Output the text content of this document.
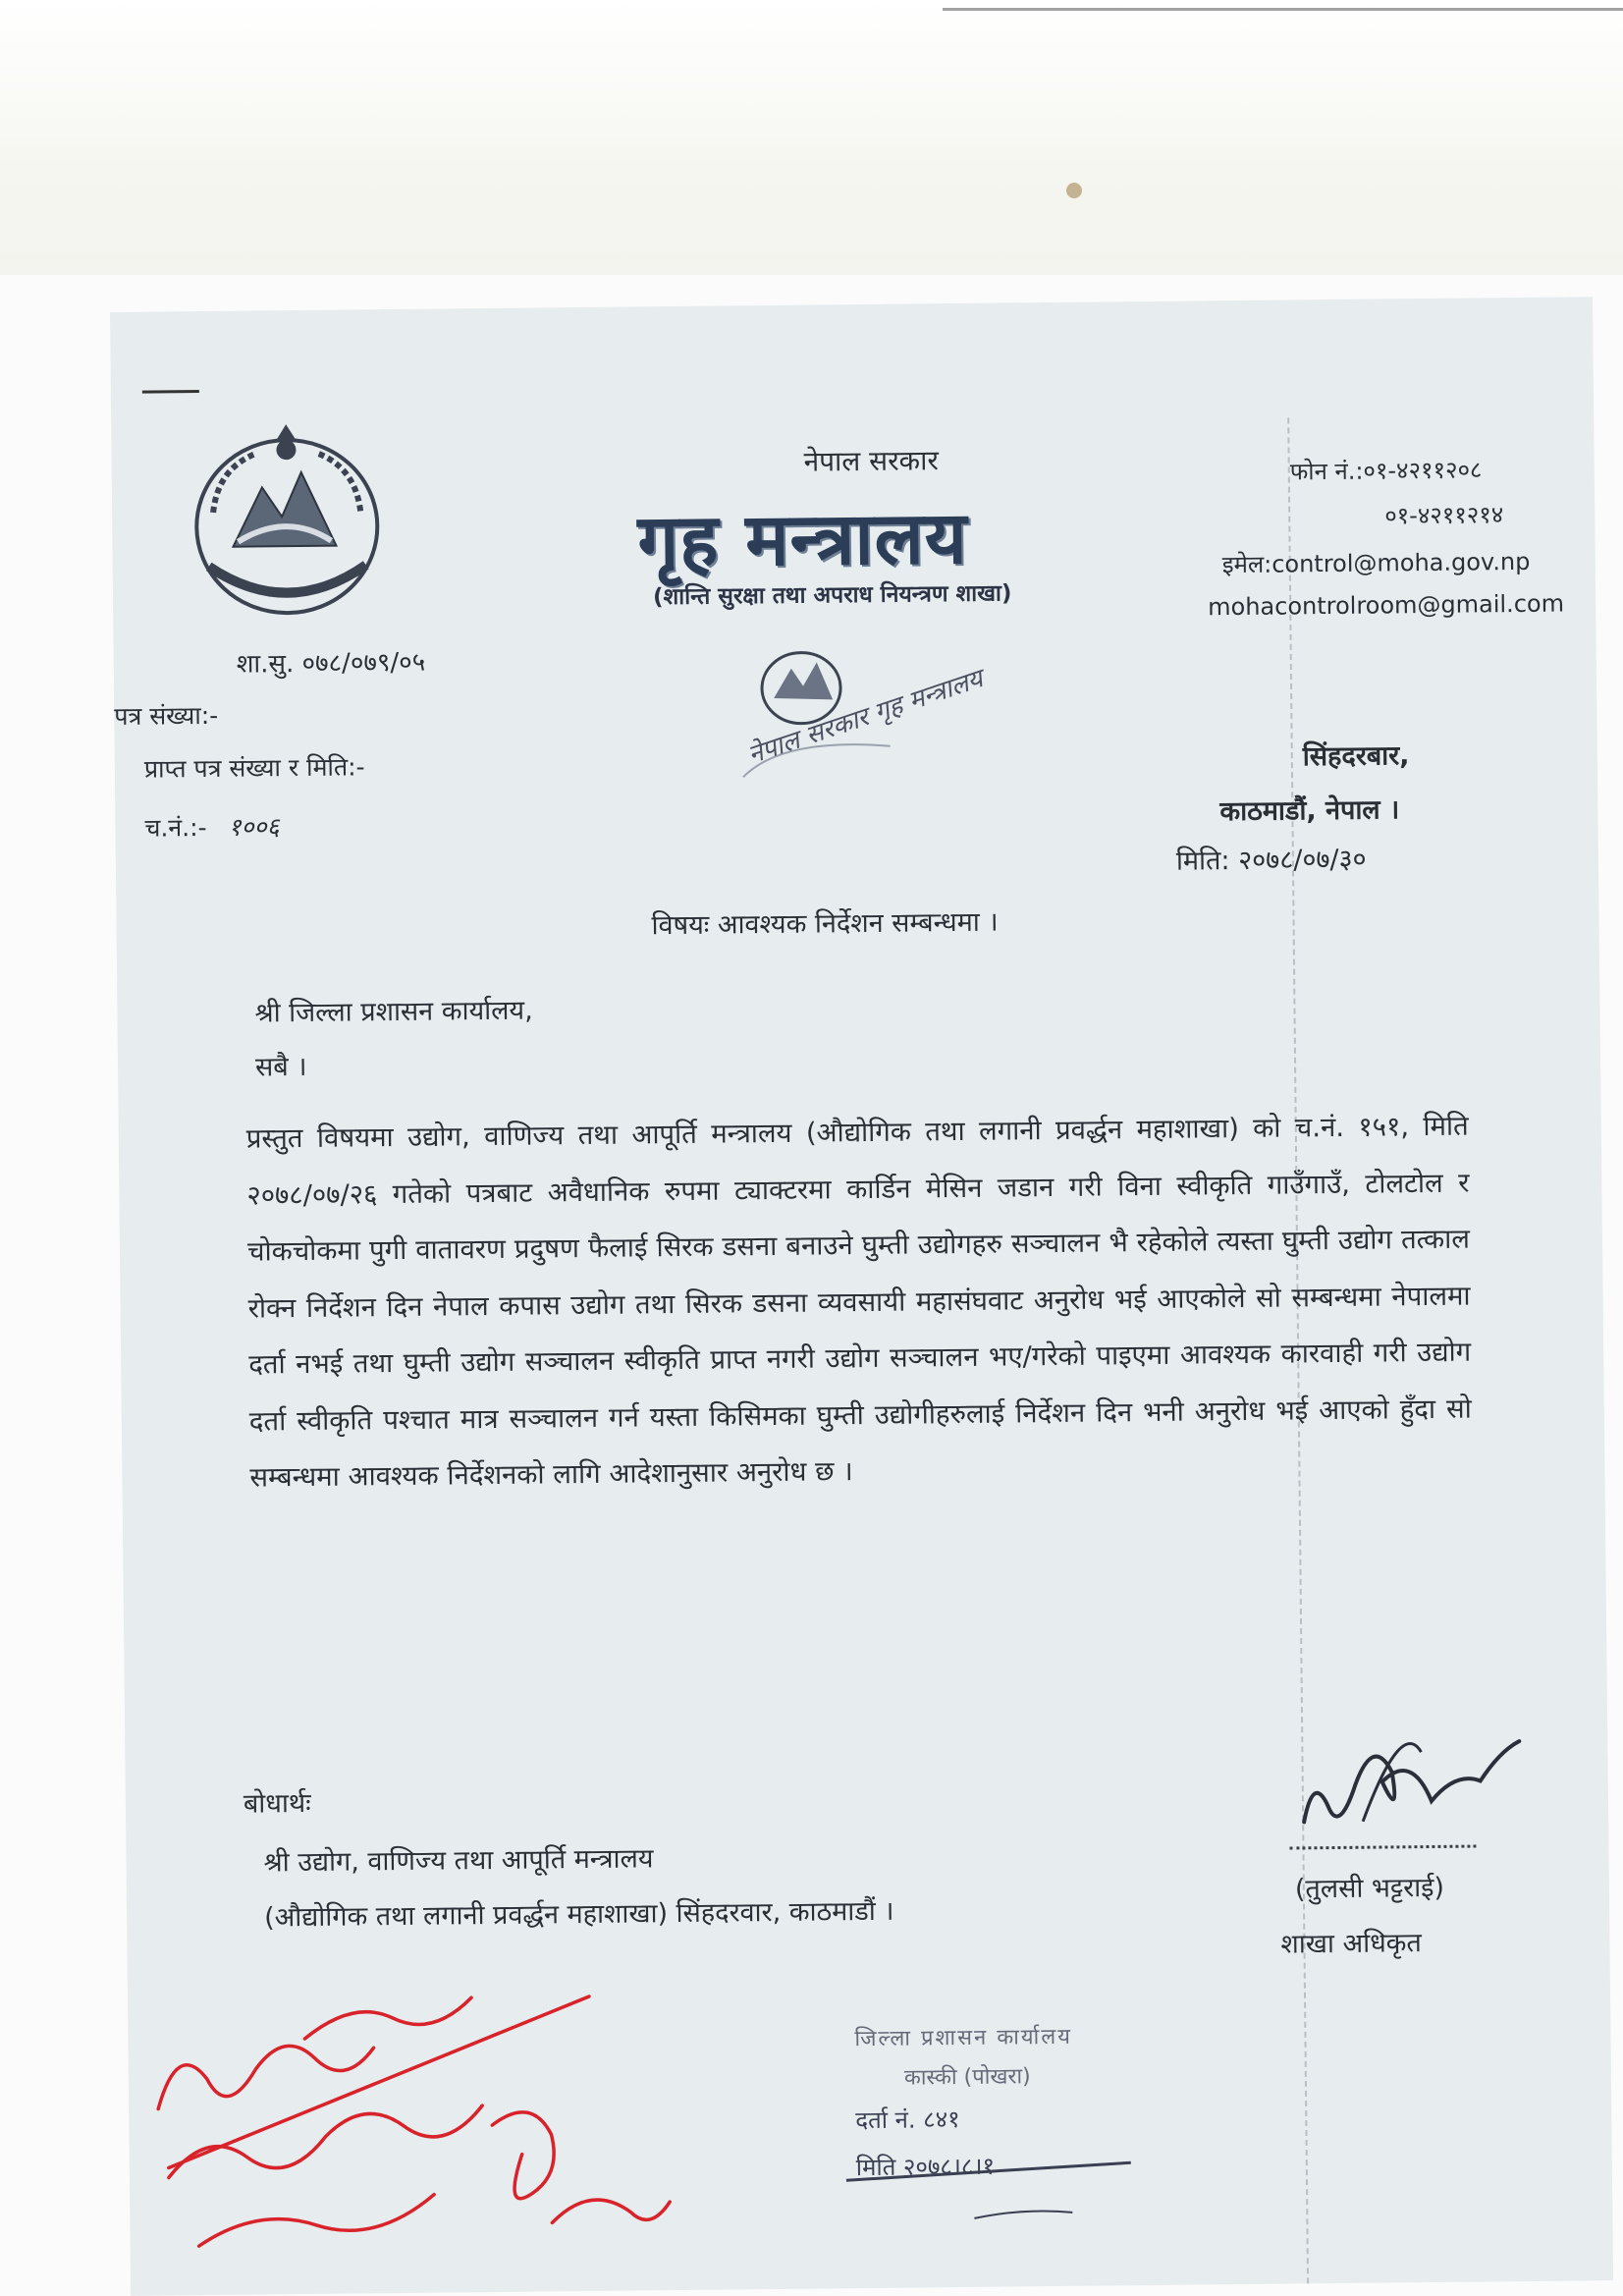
नेपाल सरकार
गृह मन्त्रालय
(शान्ति सुरक्षा तथा अपराध नियन्त्रण शाखा)
फोन नं.:०१-४२११२०८
०१-४२११२१४
इमेल:control@moha.gov.np
mohacontrolroom@gmail.com
शा.सु. ०७८/०७९/०५
पत्र संख्या:-
प्राप्त पत्र संख्या र मिति:-
च.नं.:- १००६
नेपाल सरकार गृह मन्त्रालय	सिंहदरबार,
काठमाडौं, नेपाल ।
मिति: २०७८/०७/३०
विषयः आवश्यक निर्देशन सम्बन्धमा ।
श्री जिल्ला प्रशासन कार्यालय,
सबै ।
प्रस्तुत विषयमा उद्योग, वाणिज्य तथा आपूर्ति मन्त्रालय (औद्योगिक तथा लगानी प्रवर्द्धन महाशाखा) को च.नं. १५१, मिति २०७८/०७/२६ गतेको पत्रबाट अवैधानिक रुपमा ट्याक्टरमा कार्डिन मेसिन जडान गरी विना स्वीकृति गाउँगाउँ, टोलटोल र चोकचोकमा पुगी वातावरण प्रदुषण फैलाई सिरक डसना बनाउने घुम्ती उद्योगहरु सञ्चालन भै रहेकोले त्यस्ता घुम्ती उद्योग तत्काल रोक्न निर्देशन दिन नेपाल कपास उद्योग तथा सिरक डसना व्यवसायी महासंघवाट अनुरोध भई आएकोले सो सम्बन्धमा नेपालमा दर्ता नभई तथा घुम्ती उद्योग सञ्चालन स्वीकृति प्राप्त नगरी उद्योग सञ्चालन भए/गरेको पाइएमा आवश्यक कारवाही गरी उद्योग दर्ता स्वीकृति पश्चात मात्र सञ्चालन गर्न यस्ता किसिमका घुम्ती उद्योगीहरुलाई निर्देशन दिन भनी अनुरोध भई आएको हुँदा सो सम्बन्धमा आवश्यक निर्देशनको लागि आदेशानुसार अनुरोध छ ।
बोधार्थः
श्री उद्योग, वाणिज्य तथा आपूर्ति मन्त्रालय
(औद्योगिक तथा लगानी प्रवर्द्धन महाशाखा) सिंहदरवार, काठमाडौं ।
(तुलसी भट्टराई)
शाखा अधिकृत
जिल्ला प्रशासन कार्यालय
कास्की (पोखरा)
दर्ता नं. ८४१
मिति २०७८।८।१
